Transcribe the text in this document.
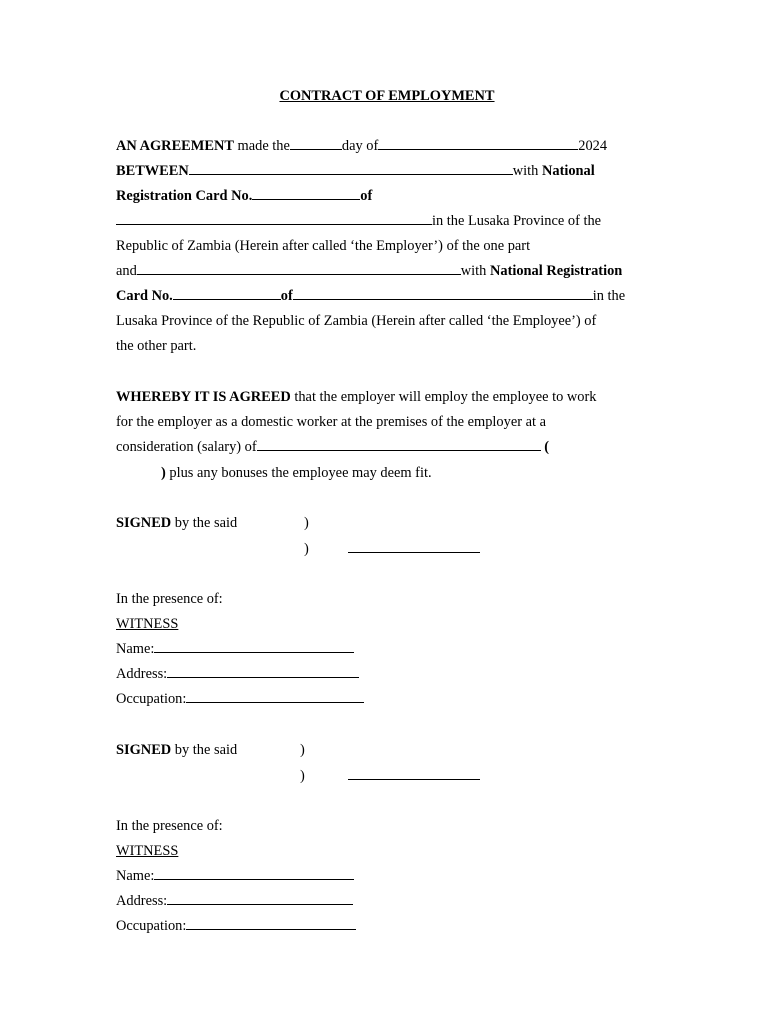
CONTRACT OF EMPLOYMENT
AN AGREEMENT made the	day of	2024
BETWEEN	with National
Registration Card No.	of
in the Lusaka Province of the
Republic of Zambia (Herein after called ‘the Employer’) of the one part
and	with National Registration
Card No.	of	in the
Lusaka Province of the Republic of Zambia (Herein after called ‘the Employee’) of
the other part.
WHEREBY IT IS AGREED that the employer will employ the employee to work
for the employer as a domestic worker at the premises of the employer at a
consideration (salary) of	(
) plus any bonuses the employee may deem fit.
SIGNED by the said	)
)
In the presence of:
WITNESS
Name:
Address:
Occupation:
SIGNED by the said	)
)
In the presence of:
WITNESS
Name:
Address:
Occupation:
